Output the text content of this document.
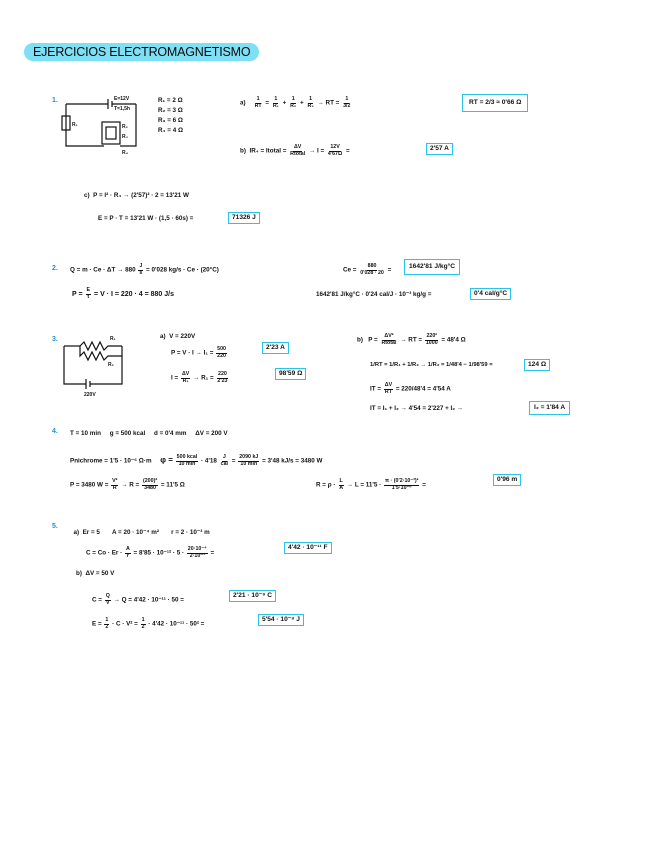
EJERCICIOS ELECTROMAGNETISMO
1.	E=12V
T=1,5h
R₁	R₂
R₃
R₄
R₁ = 2 Ω
R₂ = 3 Ω
R₃ = 6 Ω
R₄ = 4 Ω
$a) \frac{1}{RT} = \frac{1}{\text{R₁}} + \frac{1}{\text{R₂}} + \frac{1}{\text{R₃}}$ → RT = $\frac{1}{3/2}$	RT = 2/3 ≈ 0'66 Ω
b) IR₄ = Itotal = $\frac{\Delta V}{\text{Rtotal}} \to I = \frac{12V}{4'67\Omega}$ =	2'57 A
c) P = I² · R₄ → (2'57)² · 2 = 13'21 W
E = P · T = 13'21 W · (1,5 · 60s) =	71326 J
2. $Q = m \cdot Ce \cdot \Delta T \to 880 \frac{J}{s} = 0'028$ kg/s · Ce · (20°C)
$P = \frac{E}{t} = V \cdot I = 220 \cdot 4 = 880$ J/s
$Ce = \frac{880}{0'028 \cdot 20}$ =
1642'81 J/kg°C
1642'81 J/kg°C · 0'24 cal/J · 10⁻³ kg/g =	0'4 cal/g°C
3.	R₁
R₂
220V
a) V = 220V
$P = V \cdot I \to I_1 = \frac{500}{220}$	2'23 A
$I = \frac{\Delta V}{\text{R₁}} \to R_1 = \frac{220}{2'23}$	98'59 Ω
b) $P = \frac{\text{ΔV²}}{\text{Rtotal}}$ → RT = $\frac{\text{220²}}{1000} = 48'4$ Ω
1/RT = 1/R₁ + 1/R₂ → 1/R₂ = 1/48'4 − 1/98'59 =	124 Ω
IT = $\frac{\Delta V}{RT} = 220/48'4 = 4'54$ A
IT = I₁ + I₂ → 4'54 = 2'227 + I₂ →	I₂ = 1'84 A
4. T = 10 min     g = 500 kcal     d = 0'4 mm     ΔV = 200 V
Pnichrome = 1'5 · 10⁻⁶ Ω·m $\varphi = \frac{\text{500 kcal}}{10 \min} \cdot 4'18 \frac{J}{\text{cal}} = \frac{2090 kJ}{10 \min} = 3'48$ kJ/s = 3480 W
P = 3480 $W = \frac{\text{V²}}{R} \to R = \frac{\text{(200)²}}{3480} = 11'5$ Ω	$R = \rho \cdot \frac{L}{A} \to L = 11'5 \cdot \frac{\text{π · (0'2·10⁻³)²}}{\text{1'5·10⁻⁶}}$ =
0'96 m
5.

a) Er = 5       A = 20 · 10⁻⁴ m²       r = 2 · 10⁻³ m

$C = Co \cdot Er \cdot \frac{A}{r} = 8'85 \cdot 10^{-12} \cdot 5 \cdot \frac{\text{20·10⁻⁴}}{\text{2·10⁻³}}$ =
4'42 · 10⁻¹¹ F
b) ΔV = 50 V
$C = \frac{Q}{V} \to Q = 4'42 \cdot 10^{-11} \cdot 50$ =
2'21 · 10⁻⁹ C
$E = \frac{1}{2} \cdot C \cdot V^2 = \frac{1}{2} \cdot 4'42 \cdot 10^{-11} \cdot 50^2$ =
5'54 · 10⁻⁸ J
